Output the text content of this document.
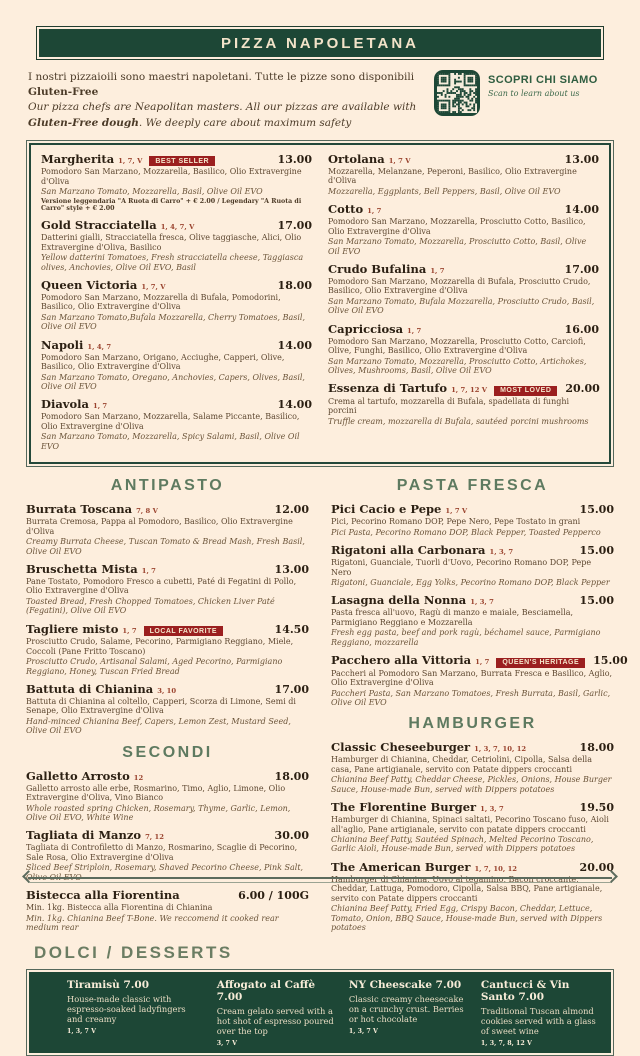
PIZZA NAPOLETANA
I nostri pizzaioili sono maestri napoletani. Tutte le pizze sono disponibili Gluten-Free
Our pizza chefs are Neapolitan masters. All our pizzas are available with Gluten-Free dough. We deeply care about maximum safety
SCOPRI CHI SIAMO
Scan to learn about us
Margherita 1, 7, V	BEST SELLER	13.00
Pomodoro San Marzano, Mozzarella, Basilico, Olio Extravergine d'Oliva
San Marzano Tomato, Mozzarella, Basil, Olive Oil EVO
Versione leggendaria "A Ruota di Carro" + € 2.00 / Legendary "A Ruota di Carro" style + € 2.00
Gold Stracciatella 1, 4, 7, V	17.00
Datterini gialli, Stracciatella fresca, Olive taggiasche, Alici, Olio Extravergine d'Oliva, Basilico
Yellow datterini Tomatoes, Fresh stracciatella cheese, Taggiasca olives, Anchovies, Olive Oil EVO, Basil
Queen Victoria 1, 7, V	18.00
Pomodoro San Marzano, Mozzarella di Bufala, Pomodorini, Basilico, Olio Extravergine d'Oliva
San Marzano Tomato,Bufala Mozzarella, Cherry Tomatoes, Basil, Olive Oil EVO
Napoli 1, 4, 7	14.00
Pomodoro San Marzano, Origano, Acciughe, Capperi, Olive, Basilico, Olio Extravergine d'Oliva
San Marzano Tomato, Oregano, Anchovies, Capers, Olives, Basil, Olive Oil EVO
Diavola 1, 7	14.00
Pomodoro San Marzano, Mozzarella, Salame Piccante, Basilico, Olio Extravergine d'Oliva
San Marzano Tomato, Mozzarella, Spicy Salami, Basil, Olive Oil EVO
Ortolana 1, 7 V	13.00
Mozzarella, Melanzane, Peperoni, Basilico, Olio Extravergine d'Oliva
Mozzarella, Eggplants, Bell Peppers, Basil, Olive Oil EVO
Cotto 1, 7	14.00
Pomodoro San Marzano, Mozzarella, Prosciutto Cotto, Basilico, Olio Extravergine d'Oliva
San Marzano Tomato, Mozzarella, Prosciutto Cotto, Basil, Olive Oil EVO
Crudo Bufalina 1, 7	17.00
Pomodoro San Marzano, Mozzarella di Bufala, Prosciutto Crudo, Basilico, Olio Extravergine d'Oliva
San Marzano Tomato, Bufala Mozzarella, Prosciutto Crudo, Basil, Olive Oil EVO
Capricciosa 1, 7	16.00
Pomodoro San Marzano, Mozzarella, Prosciutto Cotto, Carciofi, Olive, Funghi, Basilico, Olio Extravergine d'Oliva
San Marzano Tomato, Mozzarella, Prosciutto Cotto, Artichokes, Olives, Mushrooms, Basil, Olive Oil EVO
Essenza di Tartufo 1, 7, 12 V	MOST LOVED	20.00
Crema al tartufo, mozzarella di Bufala, spadellata di funghi porcini
Truffle cream, mozzarella di Bufala, sautéed porcini mushrooms
ANTIPASTO
Burrata Toscana 7, 8 V	12.00
Burrata Cremosa, Pappa al Pomodoro, Basilico, Olio Extravergine d'Oliva
Creamy Burrata Cheese, Tuscan Tomato & Bread Mash, Fresh Basil, Olive Oil EVO
Bruschetta Mista 1, 7	13.00
Pane Tostato, Pomodoro Fresco a cubetti, Paté di Fegatini di Pollo, Olio Extravergine d'Oliva
Toasted Bread, Fresh Chopped Tomatoes, Chicken Liver Paté (Fegatini), Olive Oil EVO
Tagliere misto 1, 7	LOCAL FAVORITE	14.50
Prosciutto Crudo, Salame, Pecorino, Parmigiano Reggiano, Miele, Coccoli (Pane Fritto Toscano)
Prosciutto Crudo, Artisanal Salami, Aged Pecorino, Parmigiano Reggiano, Honey, Tuscan Fried Bread
Battuta di Chianina 3, 10	17.00
Battuta di Chianina al coltello, Capperi, Scorza di Limone, Semi di Senape, Olio Extravergine d'Oliva
Hand-minced Chianina Beef, Capers, Lemon Zest, Mustard Seed, Olive Oil EVO
SECONDI
Galletto Arrosto 12	18.00
Galletto arrosto alle erbe, Rosmarino, Timo, Aglio, Limone, Olio Extravergine d'Oliva, Vino Bianco
Whole roasted spring Chicken, Rosemary, Thyme, Garlic, Lemon, Olive Oil EVO, White Wine
Tagliata di Manzo 7, 12	30.00
Tagliata di Controfiletto di Manzo, Rosmarino, Scaglie di Pecorino, Sale Rosa, Olio Extravergine d'Oliva
Sliced Beef Striploin, Rosemary, Shaved Pecorino Cheese, Pink Salt, Olive Oil EVO
Bistecca alla Fiorentina	6.00 / 100G
Min. 1kg. Bistecca alla Fiorentina di Chianina
Min. 1kg. Chianina Beef T-Bone. We reccomend it cooked rear medium rear
PASTA FRESCA
Pici Cacio e Pepe 1, 7 V	15.00
Pici, Pecorino Romano DOP, Pepe Nero, Pepe Tostato in grani
Pici Pasta, Pecorino Romano DOP, Black Pepper, Toasted Pepperco
Rigatoni alla Carbonara 1, 3, 7	15.00
Rigatoni, Guanciale, Tuorli d'Uovo, Pecorino Romano DOP, Pepe Nero
Rigatoni, Guanciale, Egg Yolks, Pecorino Romano DOP, Black Pepper
Lasagna della Nonna 1, 3, 7	15.00
Pasta fresca all'uovo, Ragù di manzo e maiale, Besciamella, Parmigiano Reggiano e Mozzarella
Fresh egg pasta, beef and pork ragù, béchamel sauce, Parmigiano Reggiano, mozzarella
Pacchero alla Vittoria 1, 7	QUEEN'S HERITAGE	15.00
Paccheri al Pomodoro San Marzano, Burrata Fresca e Basilico, Aglio, Olio Extravergine d'Oliva
Paccheri Pasta, San Marzano Tomatoes, Fresh Burrata, Basil, Garlic, Olive Oil EVO
HAMBURGER
Classic Cheseeburger 1, 3, 7, 10, 12	18.00
Hamburger di Chianina, Cheddar, Cetriolini, Cipolla, Salsa della casa, Pane artigianale, servito con Patate dippers croccanti
Chianina Beef Patty, Cheddar Cheese, Pickles, Onions, House Burger Sauce, House-made Bun, served with Dippers potatoes
The Florentine Burger 1, 3, 7	19.50
Hamburger di Chianina, Spinaci saltati, Pecorino Toscano fuso, Aioli all'aglio, Pane artigianale, servito con patate dippers croccanti
Chianina Beef Patty, Sautéed Spinach, Melted Pecorino Toscano, Garlic Aioli, House-made Bun, served with Dippers potatoes
The American Burger 1, 7, 10, 12	20.00
Hamburger di Chianina, Uovo al tegamino, Bacon croccante, Cheddar, Lattuga, Pomodoro, Cipolla, Salsa BBQ, Pane artigianale, servito con Patate dippers croccanti
Chianina Beef Patty, Fried Egg, Crispy Bacon, Cheddar, Lettuce, Tomato, Onion, BBQ Sauce, House-made Bun, served with Dippers potatoes
DOLCI / DESSERTS
Tiramisù 7.00
House-made classic with espresso-soaked ladyfingers and creamy
1, 3, 7 V
Affogato al Caffè 7.00
Cream gelato served with a hot shot of espresso poured over the top
3, 7 V
NY Cheescake 7.00
Classic creamy cheesecake on a crunchy crust. Berries or hot chocolate
1, 3, 7 V
Cantucci & Vin Santo 7.00
Traditional Tuscan almond cookies served with a glass of sweet wine
1, 3, 7, 8, 12 V
